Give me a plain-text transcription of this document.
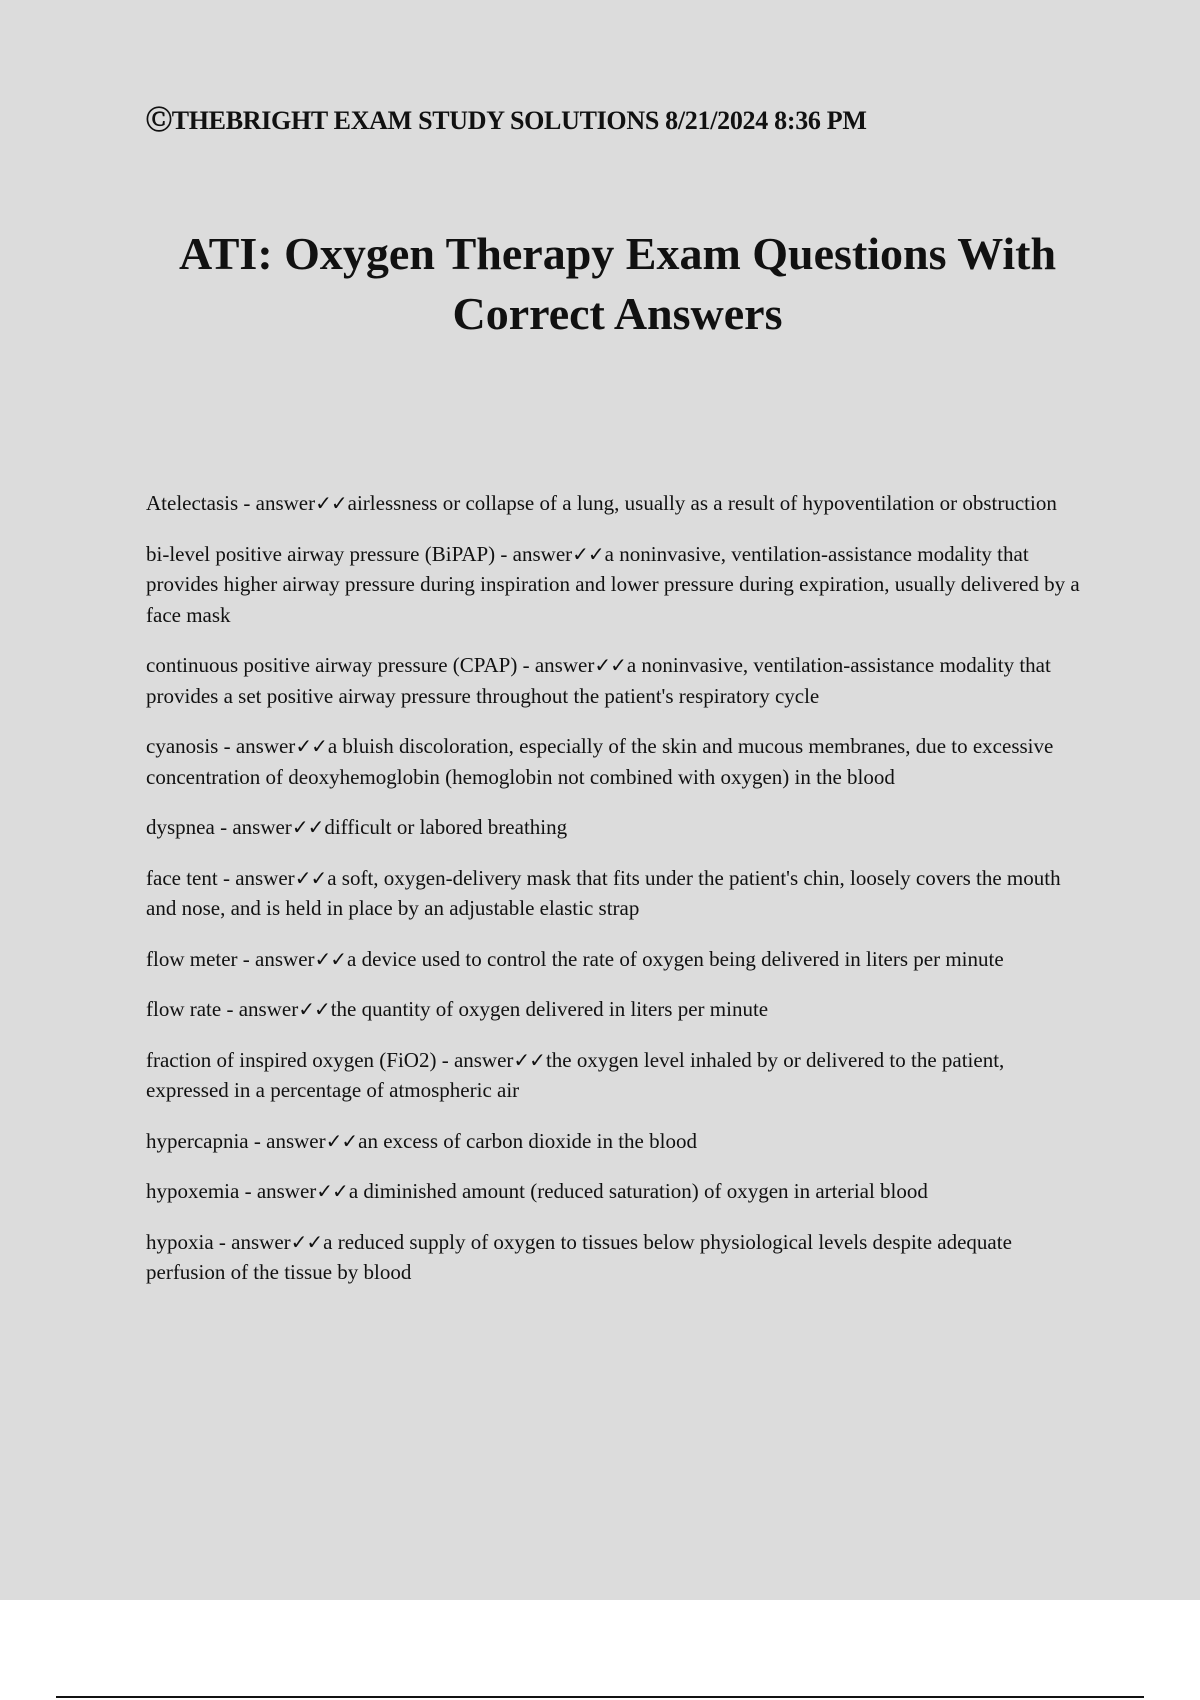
ⒸTHEBRIGHT EXAM STUDY SOLUTIONS 8/21/2024 8:36 PM
ATI: Oxygen Therapy Exam Questions With
Correct Answers

Atelectasis - answer✓✓airlessness or collapse of a lung, usually as a result of hypoventilation or obstruction

bi-level positive airway pressure (BiPAP) - answer✓✓a noninvasive, ventilation-assistance modality that provides higher airway pressure during inspiration and lower pressure during expiration, usually delivered by a face mask

continuous positive airway pressure (CPAP) - answer✓✓a noninvasive, ventilation-assistance modality that provides a set positive airway pressure throughout the patient's respiratory cycle

cyanosis - answer✓✓a bluish discoloration, especially of the skin and mucous membranes, due to excessive concentration of deoxyhemoglobin (hemoglobin not combined with oxygen) in the blood

dyspnea - answer✓✓difficult or labored breathing

face tent - answer✓✓a soft, oxygen-delivery mask that fits under the patient's chin, loosely covers the mouth and nose, and is held in place by an adjustable elastic strap

flow meter - answer✓✓a device used to control the rate of oxygen being delivered in liters per minute

flow rate - answer✓✓the quantity of oxygen delivered in liters per minute

fraction of inspired oxygen (FiO2) - answer✓✓the oxygen level inhaled by or delivered to the patient, expressed in a percentage of atmospheric air

hypercapnia - answer✓✓an excess of carbon dioxide in the blood

hypoxemia - answer✓✓a diminished amount (reduced saturation) of oxygen in arterial blood

hypoxia - answer✓✓a reduced supply of oxygen to tissues below physiological levels despite adequate perfusion of the tissue by blood
